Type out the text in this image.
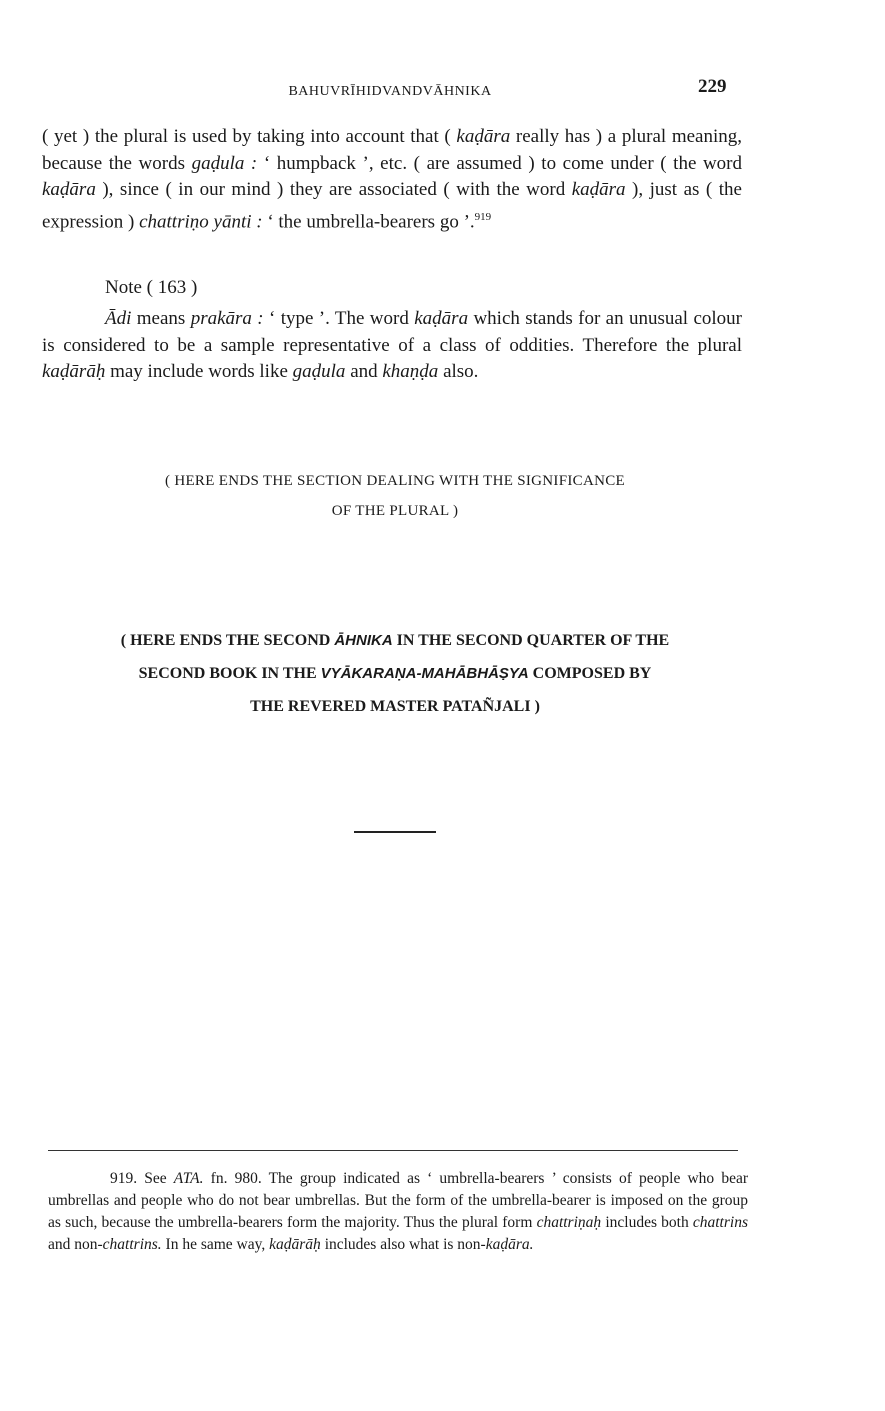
BAHUVRĪHIDVANDVĀHNIKA	229

( yet ) the plural is used by taking into account that ( kaḍāra really has ) a plural meaning, because the words gaḍula : ‘ humpback ’, etc. ( are assumed ) to come under ( the word kaḍāra ), since ( in our mind ) they are associated ( with the word kaḍāra ), just as ( the expression ) chattriṇo yānti : ‘ the umbrella-bearers go ’.$^{919}$

Note ( 163 )

Ādi means prakāra : ‘ type ’. The word kaḍāra which stands for an unusual colour is considered to be a sample representative of a class of oddities. Therefore the plural kaḍārāḥ may include words like gaḍula and khaṇḍa also.

( HERE ENDS THE SECTION DEALING WITH THE SIGNIFICANCE
OF THE PLURAL )
( HERE ENDS THE SECOND ĀHNIKA IN THE SECOND QUARTER OF THE
SECOND BOOK IN THE VYĀKARAṆA-MAHĀBHĀṢYA COMPOSED BY
THE REVERED MASTER PATAÑJALI )

919. See ATA. fn. 980. The group indicated as ‘ umbrella-bearers ’ consists of people who bear umbrellas and people who do not bear umbrellas. But the form of the umbrella-bearer is imposed on the group as such, because the umbrella-bearers form the majority. Thus the plural form chattriṇaḥ includes both chattrins and non-chattrins. In he same way, kaḍārāḥ includes also what is non-kaḍāra.
